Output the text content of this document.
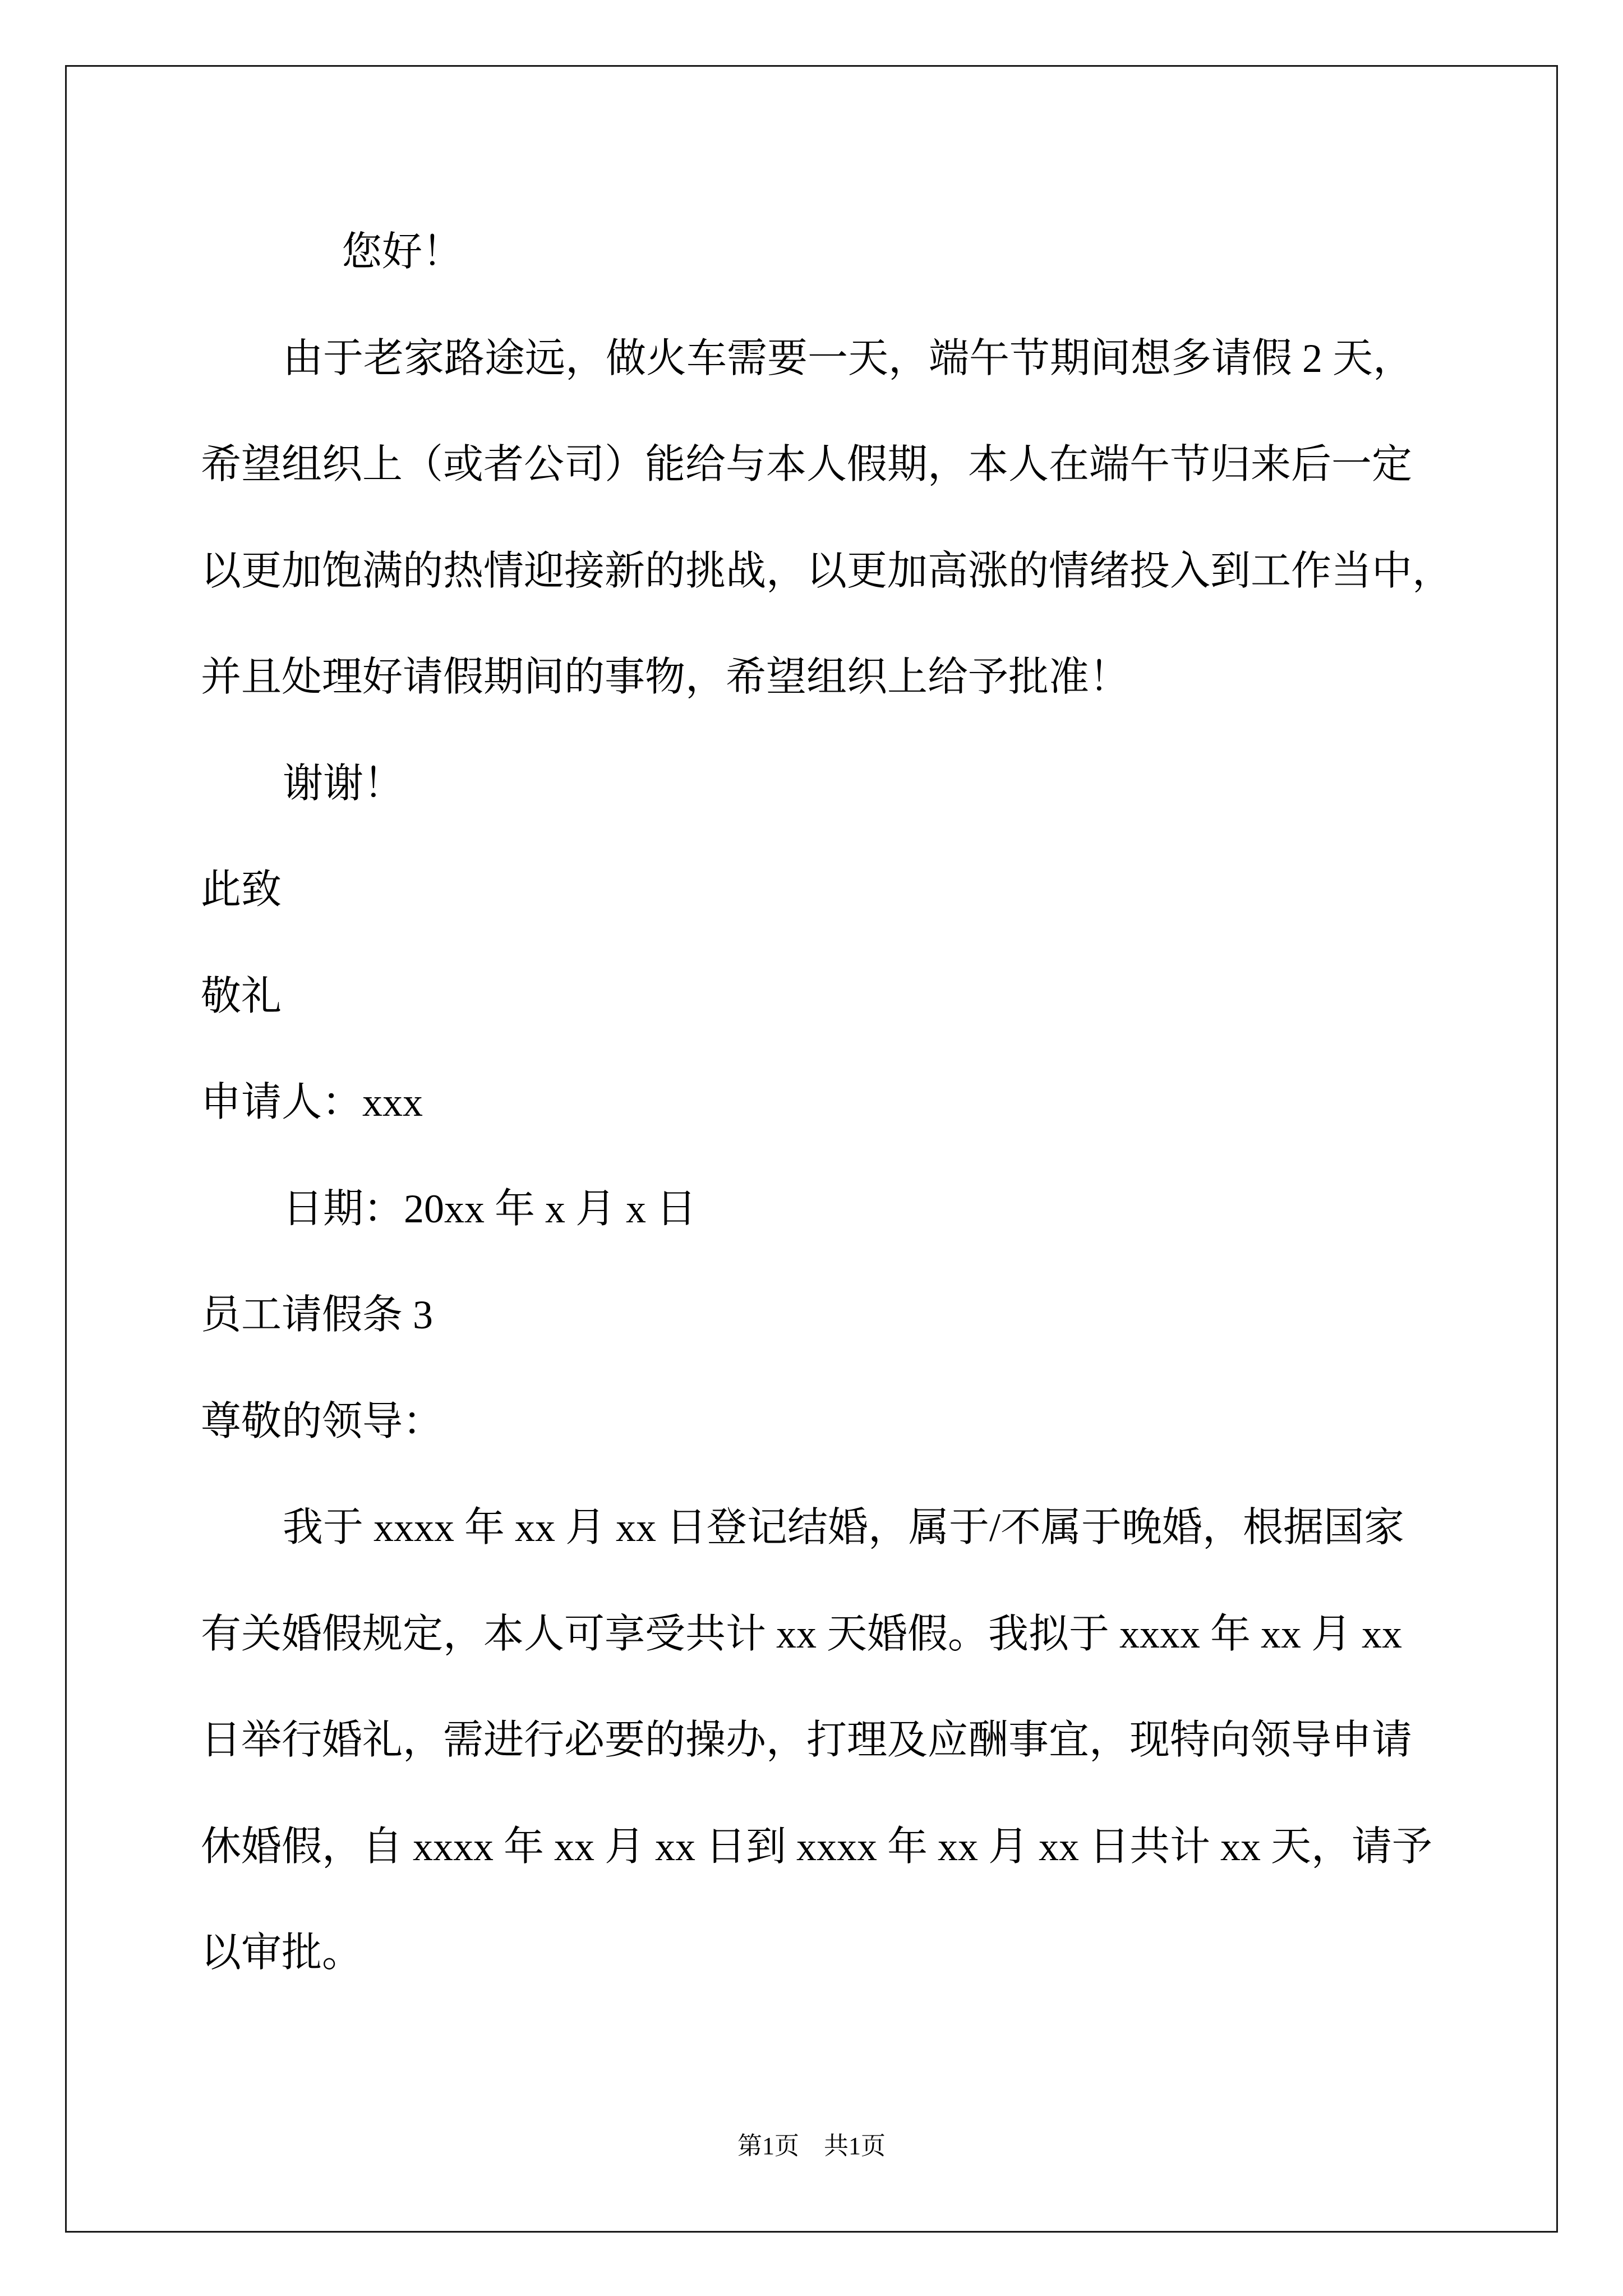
您好！
由于老家路途远，做火车需要一天，端午节期间想多请假 2 天，
希望组织上（或者公司）能给与本人假期，本人在端午节归来后一定
以更加饱满的热情迎接新的挑战，以更加高涨的情绪投入到工作当中，
并且处理好请假期间的事物，希望组织上给予批准！
谢谢！
此致
敬礼
申请人：xxx
日期：20xx 年 x 月 x 日
员工请假条 3
尊敬的领导：
我于 xxxx 年 xx 月 xx 日登记结婚，属于/不属于晚婚，根据国家
有关婚假规定，本人可享受共计 xx 天婚假。我拟于 xxxx 年 xx 月 xx
日举行婚礼，需进行必要的操办，打理及应酬事宜，现特向领导申请
休婚假，自 xxxx 年 xx 月 xx 日到 xxxx 年 xx 月 xx 日共计 xx 天，请予
以审批。
第1页　共1页
